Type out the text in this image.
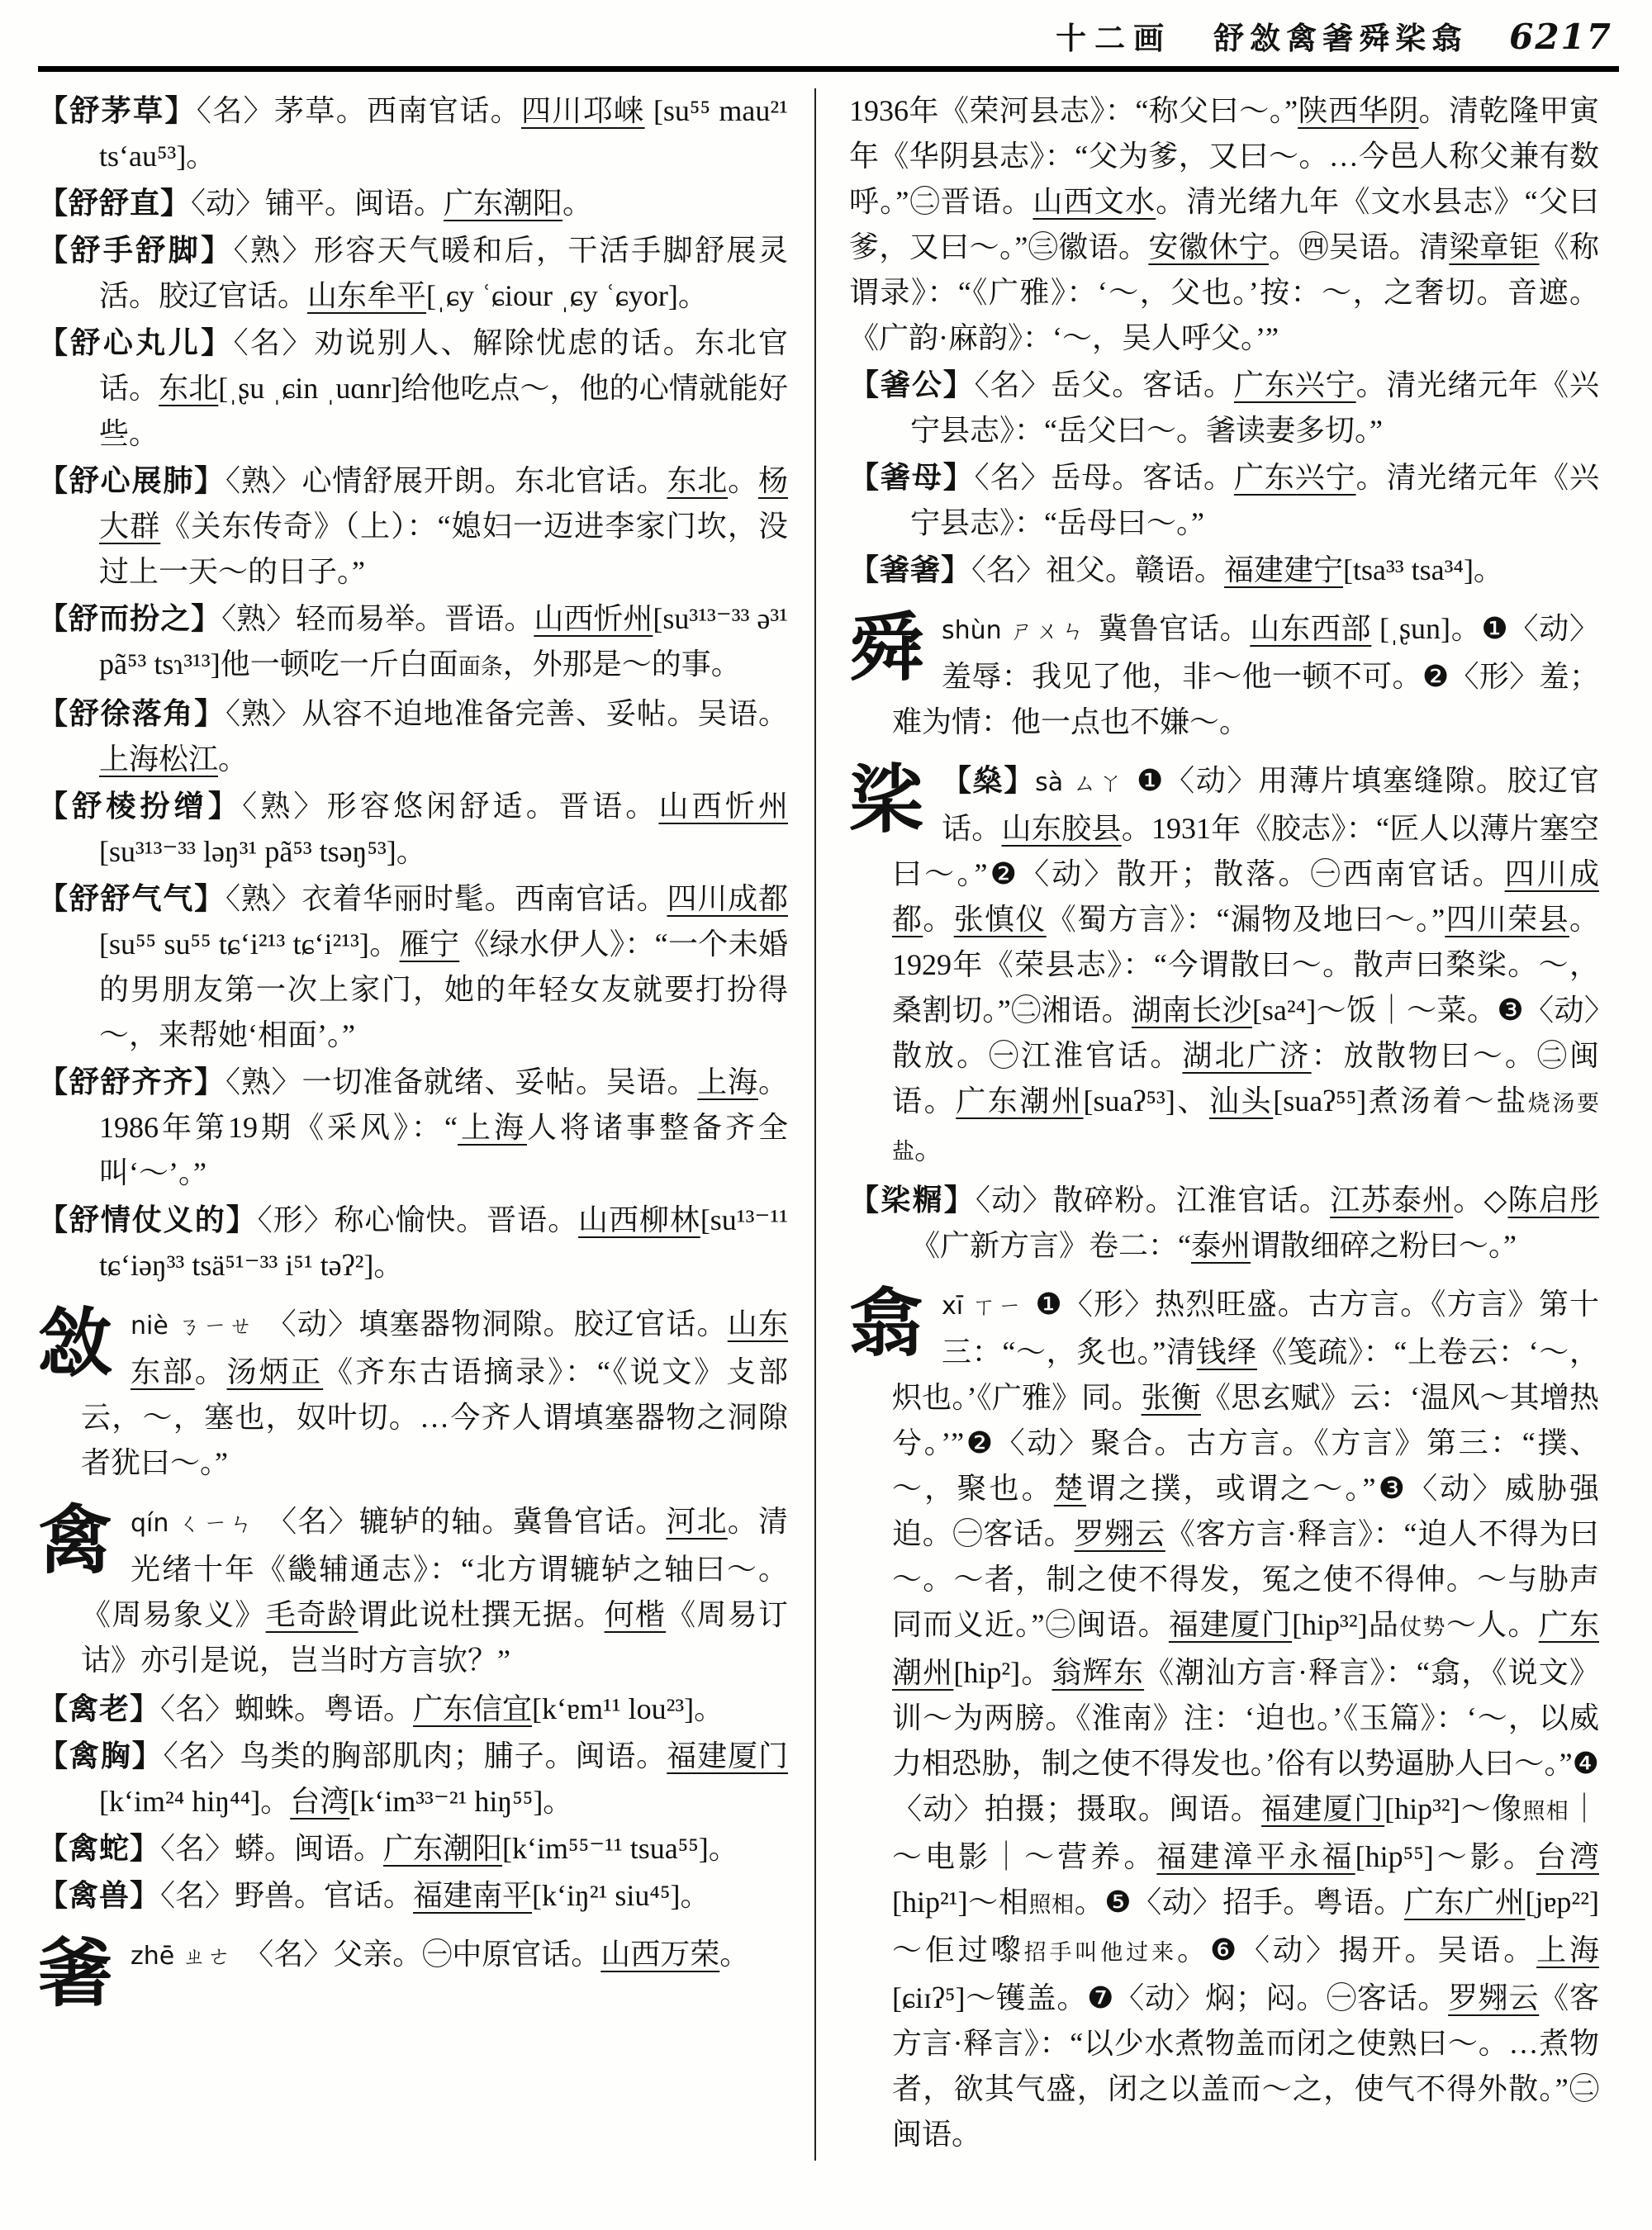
十二画 舒敜禽㸙舜桬翕 6217
【舒茅草】〈名〉茅草。西南官话。四川邛崃 [su⁵⁵ mau²¹ tsʻau⁵³]。
【舒舒直】〈动〉铺平。闽语。广东潮阳。
【舒手舒脚】〈熟〉形容天气暖和后，干活手脚舒展灵活。胶辽官话。山东牟平[ˌɕy ʿɕiour ˌɕy ʿɕyor]。
【舒心丸儿】〈名〉劝说别人、解除忧虑的话。东北官话。东北[ˌʂu ˌɕin ˌuɑnr]给他吃点～，他的心情就能好些。
【舒心展肺】〈熟〉心情舒展开朗。东北官话。东北。杨大群《关东传奇》（上）：“媳妇一迈进李家门坎，没过上一天～的日子。”
【舒而扮之】〈熟〉轻而易举。晋语。山西忻州[su³¹³⁻³³ ə³¹ pã⁵³ tsɿ³¹³]他一顿吃一斤白面面条，外那是～的事。
【舒徐落角】〈熟〉从容不迫地准备完善、妥帖。吴语。上海松江。
【舒棱扮缯】〈熟〉形容悠闲舒适。晋语。山西忻州[su³¹³⁻³³ ləŋ³¹ pã⁵³ tsəŋ⁵³]。
【舒舒气气】〈熟〉衣着华丽时髦。西南官话。四川成都[su⁵⁵ su⁵⁵ tɕʻi²¹³ tɕʻi²¹³]。雁宁《绿水伊人》：“一个未婚的男朋友第一次上家门，她的年轻女友就要打扮得～，来帮她‘相面’。”
【舒舒齐齐】〈熟〉一切准备就绪、妥帖。吴语。上海。1986年第19期《采风》：“上海人将诸事整备齐全叫‘～’。”
【舒情仗义的】〈形〉称心愉快。晋语。山西柳林[su¹³⁻¹¹ tɕʻiəŋ³³ tsä⁵¹⁻³³ i⁵¹ təʔ²]。
敜niè ㄋㄧㄝ 〈动〉填塞器物洞隙。胶辽官话。山东东部。汤炳正《齐东古语摘录》：“《说文》攴部云，～，塞也，奴叶切。…今齐人谓填塞器物之洞隙者犹曰～。”
禽qín ㄑㄧㄣ 〈名〉辘轳的轴。冀鲁官话。河北。清光绪十年《畿辅通志》：“北方谓辘轳之轴曰～。《周易象义》毛奇龄谓此说杜撰无据。何楷《周易订诂》亦引是说，岂当时方言欤？”
【禽老】〈名〉蜘蛛。粤语。广东信宜[kʻɐm¹¹ lou²³]。
【禽胸】〈名〉鸟类的胸部肌肉；脯子。闽语。福建厦门[kʻim²⁴ hiŋ⁴⁴]。台湾[kʻim³³⁻²¹ hiŋ⁵⁵]。
【禽蛇】〈名〉蟒。闽语。广东潮阳[kʻim⁵⁵⁻¹¹ tsua⁵⁵]。
【禽兽】〈名〉野兽。官话。福建南平[kʻiŋ²¹ siu⁴⁵]。
㸙zhē ㄓㄜ 〈名〉父亲。㊀中原官话。山西万荣。
1936年《荣河县志》：“称父曰～。”陕西华阴。清乾隆甲寅年《华阴县志》：“父为爹，又曰～。…今邑人称父兼有数呼。”㊁晋语。山西文水。清光绪九年《文水县志》“父曰爹，又曰～。”㊂徽语。安徽休宁。㊃吴语。清梁章钜《称谓录》：“《广雅》：‘～，父也。’按：～，之奢切。音遮。《广韵·麻韵》：‘～，吴人呼父。’”
【㸙公】〈名〉岳父。客话。广东兴宁。清光绪元年《兴宁县志》：“岳父曰～。㸙读妻多切。”
【㸙母】〈名〉岳母。客话。广东兴宁。清光绪元年《兴宁县志》：“岳母曰～。”
【㸙㸙】〈名〉祖父。赣语。福建建宁[tsa³³ tsa³⁴]。
舜shùn ㄕㄨㄣ 冀鲁官话。山东西部 [ˌʂun]。❶〈动〉羞辱：我见了他，非～他一顿不可。❷〈形〉羞；难为情：他一点也不嫌～。
桬 【燊】sà ㄙㄚ ❶〈动〉用薄片填塞缝隙。胶辽官话。山东胶县。1931年《胶志》：“匠人以薄片塞空曰～。”❷〈动〉散开；散落。㊀西南官话。四川成都。张慎仪《蜀方言》：“漏物及地曰～。”四川荣县。1929年《荣县志》：“今谓散曰～。散声曰楘桬。～，桑割切。”㊁湘语。湖南长沙[sa²⁴]～饭｜～菜。❸〈动〉散放。㊀江淮官话。湖北广济：放散物曰～。㊁闽语。广东潮州[suaʔ⁵³]、汕头[suaʔ⁵⁵]煮汤着～盐烧汤要盐。
【桬糏】〈动〉散碎粉。江淮官话。江苏泰州。◇陈启彤《广新方言》卷二：“泰州谓散细碎之粉曰～。”
翕xī ㄒㄧ ❶〈形〉热烈旺盛。古方言。《方言》第十三：“～，炙也。”清钱绎《笺疏》：“上卷云：‘～，炽也。’《广雅》同。张衡《思玄赋》云：‘温风～其增热兮。’”❷〈动〉聚合。古方言。《方言》第三：“撲、～，聚也。楚谓之撲，或谓之～。”❸〈动〉威胁强迫。㊀客话。罗翙云《客方言·释言》：“迫人不得为曰～。～者，制之使不得发，冤之使不得伸。～与胁声同而义近。”㊁闽语。福建厦门[hip³²]品仗势～人。广东潮州[hip²]。翁辉东《潮汕方言·释言》：“翕，《说文》训～为两膀。《淮南》注：‘迫也。’《玉篇》：‘～，以威力相恐胁，制之使不得发也。’俗有以势逼胁人曰～。”❹〈动〉拍摄；摄取。闽语。福建厦门[hip³²]～像照相｜～电影｜～营养。福建漳平永福[hip⁵⁵]～影。台湾[hip²¹]～相照相。❺〈动〉招手。粤语。广东广州[jɐp²²]～佢过嚟招手叫他过来。❻〈动〉揭开。吴语。上海[ɕiɪʔ⁵]～镬盖。❼〈动〉焖；闷。㊀客话。罗翙云《客方言·释言》：“以少水煮物盖而闭之使熟曰～。…煮物者，欲其气盛，闭之以盖而～之，使气不得外散。”㊁闽语。
